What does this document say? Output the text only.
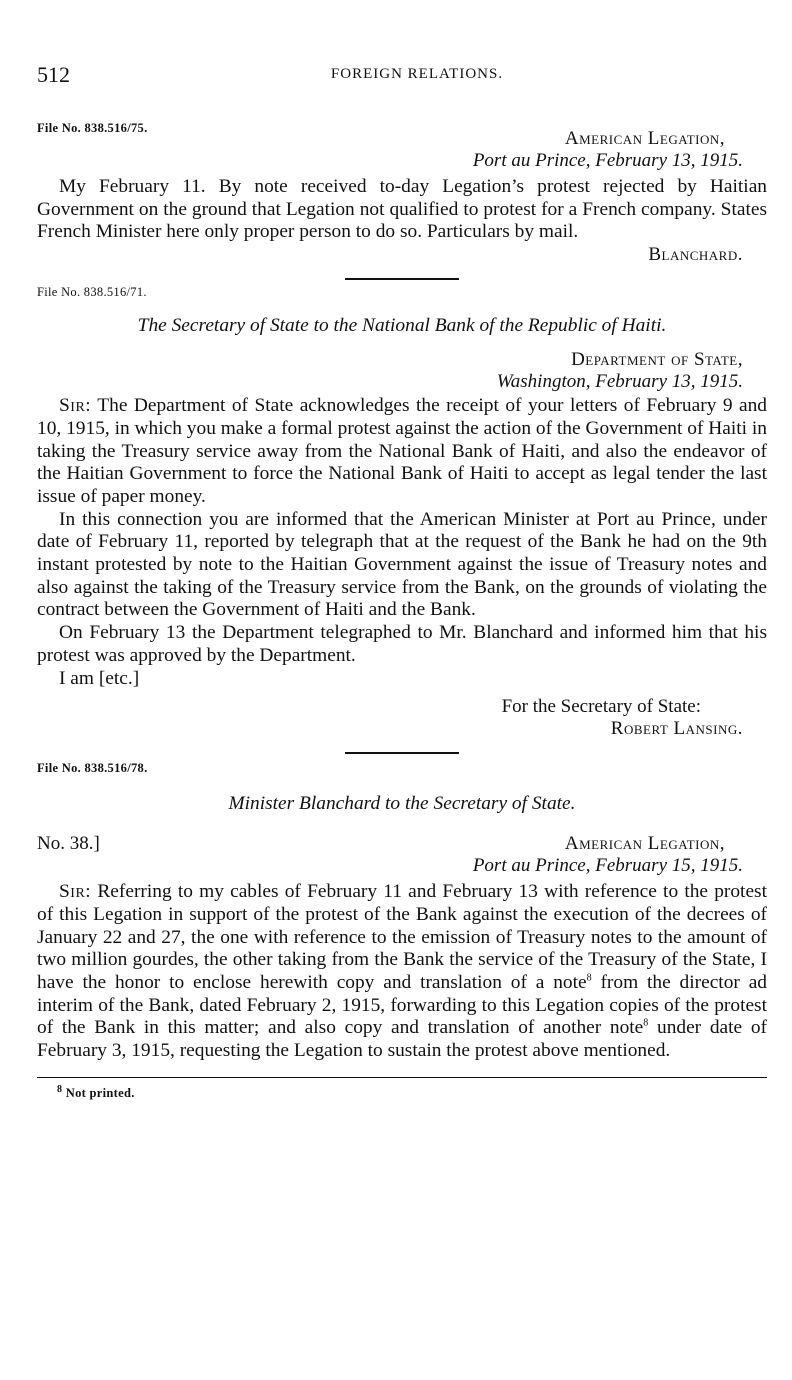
512	FOREIGN RELATIONS.

File No. 838.516/75.	American Legation,

Port au Prince, February 13, 1915.

My February 11. By note received to-day Legation’s protest rejected by Haitian Government on the ground that Legation not qualified to protest for a French company. States French Minister here only proper person to do so. Particulars by mail.

Blanchard.

File No. 838.516/71.

The Secretary of State to the National Bank of the Republic of Haiti.

Department of State,

Washington, February 13, 1915.

Sir: The Department of State acknowledges the receipt of your letters of February 9 and 10, 1915, in which you make a formal protest against the action of the Government of Haiti in taking the Treasury service away from the National Bank of Haiti, and also the endeavor of the Haitian Government to force the National Bank of Haiti to accept as legal tender the last issue of paper money.

In this connection you are informed that the American Minister at Port au Prince, under date of February 11, reported by telegraph that at the request of the Bank he had on the 9th instant protested by note to the Haitian Government against the issue of Treasury notes and also against the taking of the Treasury service from the Bank, on the grounds of violating the contract between the Government of Haiti and the Bank.

On February 13 the Department telegraphed to Mr. Blanchard and informed him that his protest was approved by the Department.

I am [etc.]

For the Secretary of State:

Robert Lansing.

File No. 838.516/78.

Minister Blanchard to the Secretary of State.

No. 38.]	American Legation,

Port au Prince, February 15, 1915.

Sir: Referring to my cables of February 11 and February 13 with reference to the protest of this Legation in support of the protest of the Bank against the execution of the decrees of January 22 and 27, the one with reference to the emission of Treasury notes to the amount of two million gourdes, the other taking from the Bank the service of the Treasury of the State, I have the honor to enclose herewith copy and translation of a note$^8$ from the director ad interim of the Bank, dated February 2, 1915, forwarding to this Legation copies of the protest of the Bank in this matter; and also copy and translation of another note$^8$ under date of February 3, 1915, requesting the Legation to sustain the protest above mentioned.

$^8$ Not printed.
